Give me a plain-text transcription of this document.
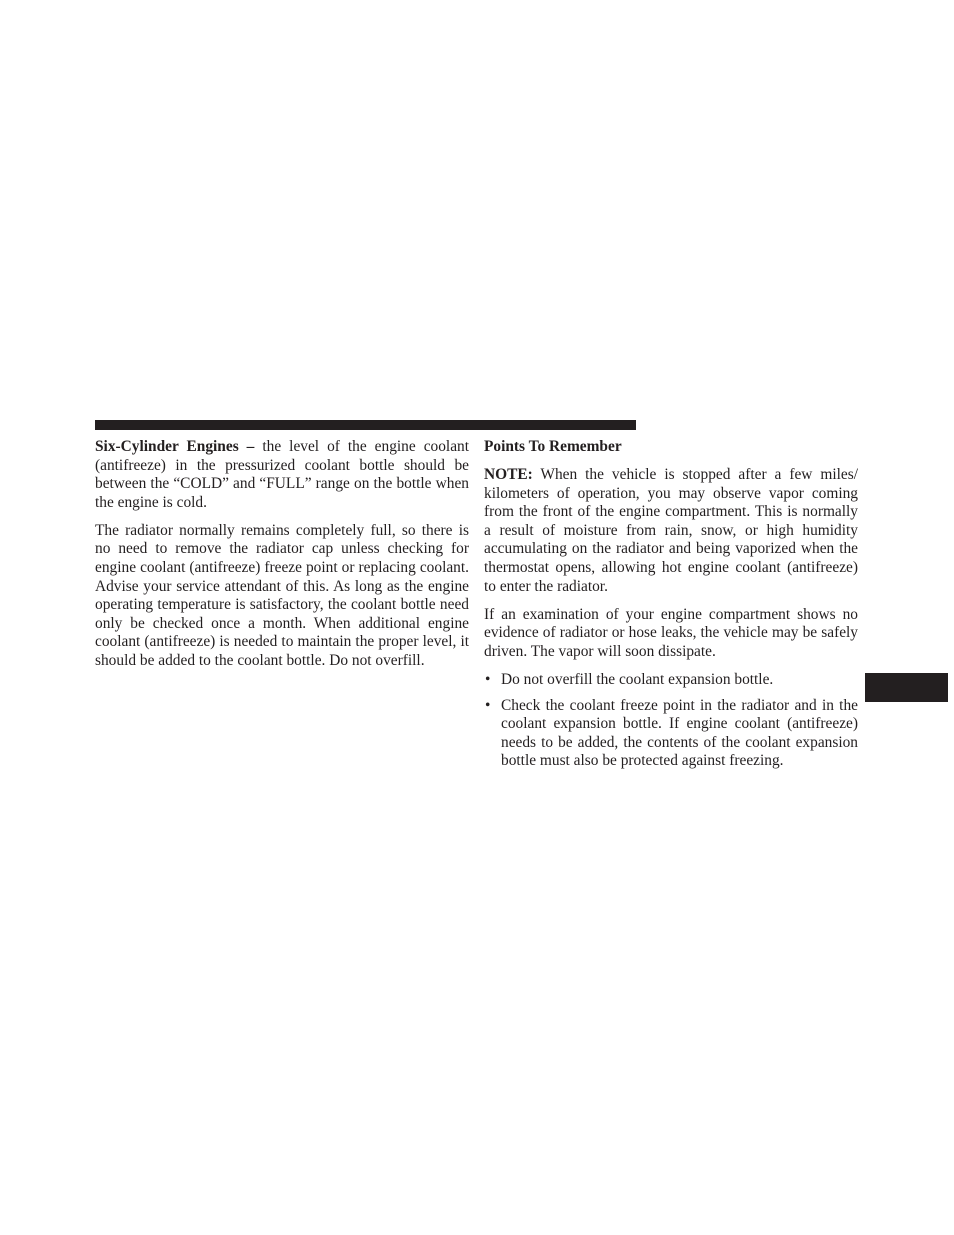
Six-Cylinder Engines – the level of the engine coolant (antifreeze) in the pressurized coolant bottle should be between the “COLD” and “FULL” range on the bottle when the engine is cold.

The radiator normally remains completely full, so there is no need to remove the radiator cap unless checking for engine coolant (antifreeze) freeze point or replacing coolant. Advise your service attendant of this. As long as the engine operating temperature is satisfactory, the coolant bottle need only be checked once a month. When additional engine coolant (antifreeze) is needed to maintain the proper level, it should be added to the coolant bottle. Do not overfill.

Points To Remember

NOTE: When the vehicle is stopped after a few miles/ kilometers of operation, you may observe vapor coming from the front of the engine compartment. This is normally a result of moisture from rain, snow, or high humidity accumulating on the radiator and being vaporized when the thermostat opens, allowing hot engine coolant (antifreeze) to enter the radiator.

If an examination of your engine compartment shows no evidence of radiator or hose leaks, the vehicle may be safely driven. The vapor will soon dissipate.

• Do not overfill the coolant expansion bottle.
• Check the coolant freeze point in the radiator and in the coolant expansion bottle. If engine coolant (antifreeze) needs to be added, the contents of the coolant expansion bottle must also be protected against freezing.
